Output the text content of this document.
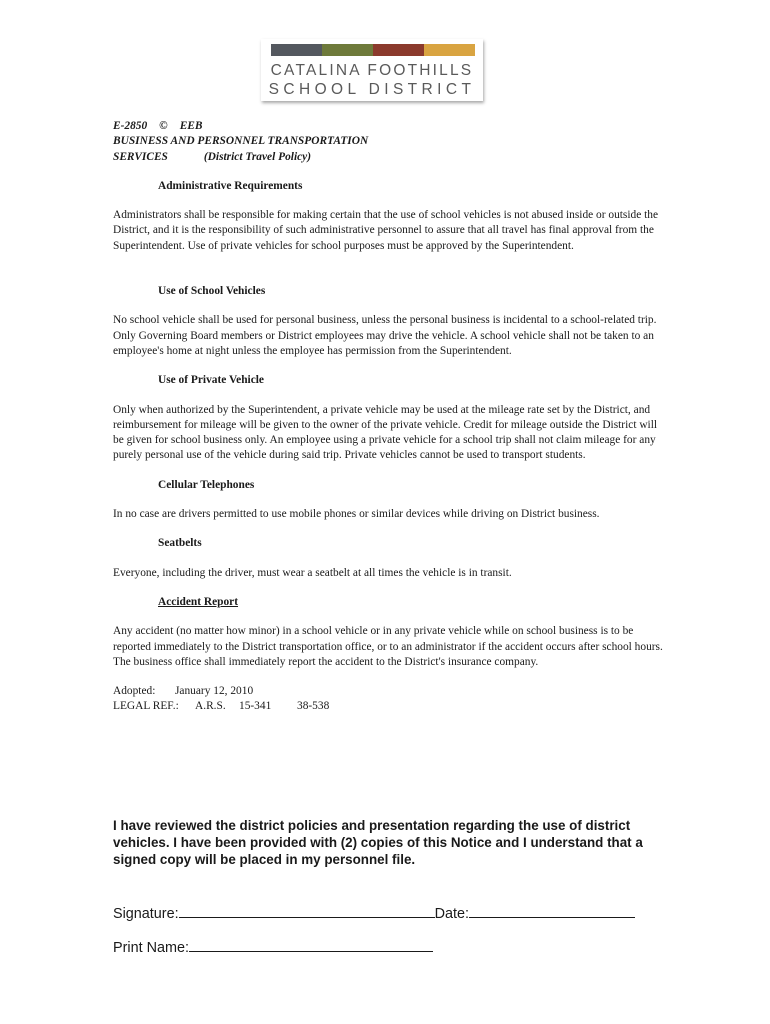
CATALINA FOOTHILLS
SCHOOL DISTRICT
E-2850 © EEB
BUSINESS AND PERSONNEL TRANSPORTATION
SERVICES	(District Travel Policy)
Administrative Requirements

Administrators shall be responsible for making certain that the use of school vehicles is not abused inside or outside the District, and it is the responsibility of such administrative personnel to assure that all travel has final approval from the Superintendent. Use of private vehicles for school purposes must be approved by the Superintendent.

Use of School Vehicles

No school vehicle shall be used for personal business, unless the personal business is incidental to a school-related trip. Only Governing Board members or District employees may drive the vehicle. A school vehicle shall not be taken to an employee's home at night unless the employee has permission from the Superintendent.

Use of Private Vehicle

Only when authorized by the Superintendent, a private vehicle may be used at the mileage rate set by the District, and reimbursement for mileage will be given to the owner of the private vehicle. Credit for mileage outside the District will be given for school business only. An employee using a private vehicle for a school trip shall not claim mileage for any purely personal use of the vehicle during said trip. Private vehicles cannot be used to transport students.

Cellular Telephones

In no case are drivers permitted to use mobile phones or similar devices while driving on District business.

Seatbelts

Everyone, including the driver, must wear a seatbelt at all times the vehicle is in transit.

Accident Report

Any accident (no matter how minor) in a school vehicle or in any private vehicle while on school business is to be reported immediately to the District transportation office, or to an administrator if the accident occurs after school hours. The business office shall immediately report the accident to the District's insurance company.

Adopted: January 12, 2010
LEGAL REF.: A.R.S. 15-341 38-538
I have reviewed the district policies and presentation regarding the use of district vehicles. I have been provided with (2) copies of this Notice and I understand that a signed copy will be placed in my personnel file.
Signature:	Date:
Print Name:
